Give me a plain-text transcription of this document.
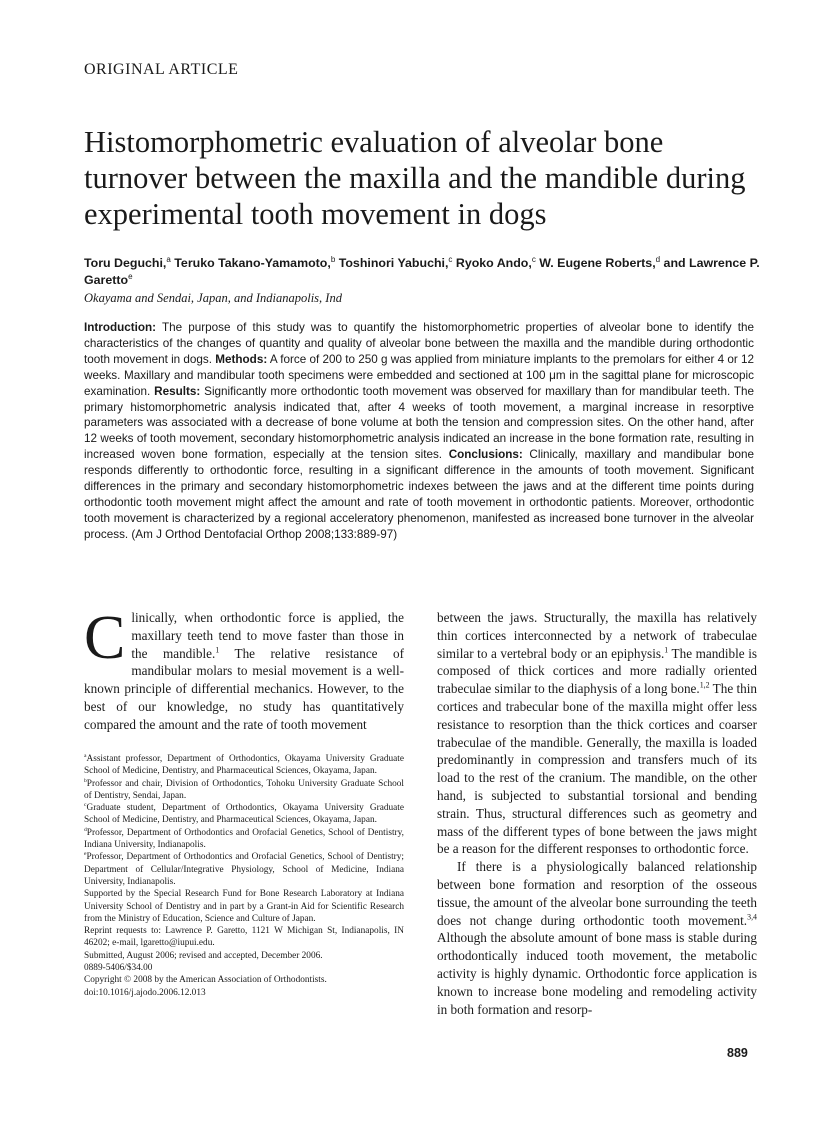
ORIGINAL ARTICLE
Histomorphometric evaluation of alveolar bone turnover between the maxilla and the mandible during experimental tooth movement in dogs
Toru Deguchi,$^a$ Teruko Takano-Yamamoto,$^b$ Toshinori Yabuchi,$^c$ Ryoko Ando,$^c$ W. Eugene Roberts,$^d$ and Lawrence P. Garetto$^e$
Okayama and Sendai, Japan, and Indianapolis, Ind
Introduction: The purpose of this study was to quantify the histomorphometric properties of alveolar bone to identify the characteristics of the changes of quantity and quality of alveolar bone between the maxilla and the mandible during orthodontic tooth movement in dogs. Methods: A force of 200 to 250 g was applied from miniature implants to the premolars for either 4 or 12 weeks. Maxillary and mandibular tooth specimens were embedded and sectioned at 100 μm in the sagittal plane for microscopic examination. Results: Significantly more orthodontic tooth movement was observed for maxillary than for mandibular teeth. The primary histomorphometric analysis indicated that, after 4 weeks of tooth movement, a marginal increase in resorptive parameters was associated with a decrease of bone volume at both the tension and compression sites. On the other hand, after 12 weeks of tooth movement, secondary histomorphometric analysis indicated an increase in the bone formation rate, resulting in increased woven bone formation, especially at the tension sites. Conclusions: Clinically, maxillary and mandibular bone responds differently to orthodontic force, resulting in a significant difference in the amounts of tooth movement. Significant differences in the primary and secondary histomorphometric indexes between the jaws and at the different time points during orthodontic tooth movement might affect the amount and rate of tooth movement in orthodontic patients. Moreover, orthodontic tooth movement is characterized by a regional acceleratory phenomenon, manifested as increased bone turnover in the alveolar process. (Am J Orthod Dentofacial Orthop 2008;133:889-97)

Clinically, when orthodontic force is applied, the maxillary teeth tend to move faster than those in the mandible.$^1$ The relative resistance of mandibular molars to mesial movement is a well-known principle of differential mechanics. However, to the best of our knowledge, no study has quantitatively compared the amount and the rate of tooth movement

$^a$Assistant professor, Department of Orthodontics, Okayama University Graduate School of Medicine, Dentistry, and Pharmaceutical Sciences, Okayama, Japan.
$^b$Professor and chair, Division of Orthodontics, Tohoku University Graduate School of Dentistry, Sendai, Japan.
$^c$Graduate student, Department of Orthodontics, Okayama University Graduate School of Medicine, Dentistry, and Pharmaceutical Sciences, Okayama, Japan.
$^d$Professor, Department of Orthodontics and Orofacial Genetics, School of Dentistry, Indiana University, Indianapolis.
$^e$Professor, Department of Orthodontics and Orofacial Genetics, School of Dentistry; Department of Cellular/Integrative Physiology, School of Medicine, Indiana University, Indianapolis.
Supported by the Special Research Fund for Bone Research Laboratory at Indiana University School of Dentistry and in part by a Grant-in Aid for Scientific Research from the Ministry of Education, Science and Culture of Japan.
Reprint requests to: Lawrence P. Garetto, 1121 W Michigan St, Indianapolis, IN 46202; e-mail, lgaretto@iupui.edu.
Submitted, August 2006; revised and accepted, December 2006.
0889-5406/$34.00
Copyright © 2008 by the American Association of Orthodontists.
doi:10.1016/j.ajodo.2006.12.013

between the jaws. Structurally, the maxilla has relatively thin cortices interconnected by a network of trabeculae similar to a vertebral body or an epiphysis.$^1$ The mandible is composed of thick cortices and more radially oriented trabeculae similar to the diaphysis of a long bone.$^{1,2}$ The thin cortices and trabecular bone of the maxilla might offer less resistance to resorption than the thick cortices and coarser trabeculae of the mandible. Generally, the maxilla is loaded predominantly in compression and transfers much of its load to the rest of the cranium. The mandible, on the other hand, is subjected to substantial torsional and bending strain. Thus, structural differences such as geometry and mass of the different types of bone between the jaws might be a reason for the different responses to orthodontic force.

If there is a physiologically balanced relationship between bone formation and resorption of the osseous tissue, the amount of the alveolar bone surrounding the teeth does not change during orthodontic tooth movement.$^{3,4}$ Although the absolute amount of bone mass is stable during orthodontically induced tooth movement, the metabolic activity is highly dynamic. Orthodontic force application is known to increase bone modeling and remodeling activity in both formation and resorp-

889
